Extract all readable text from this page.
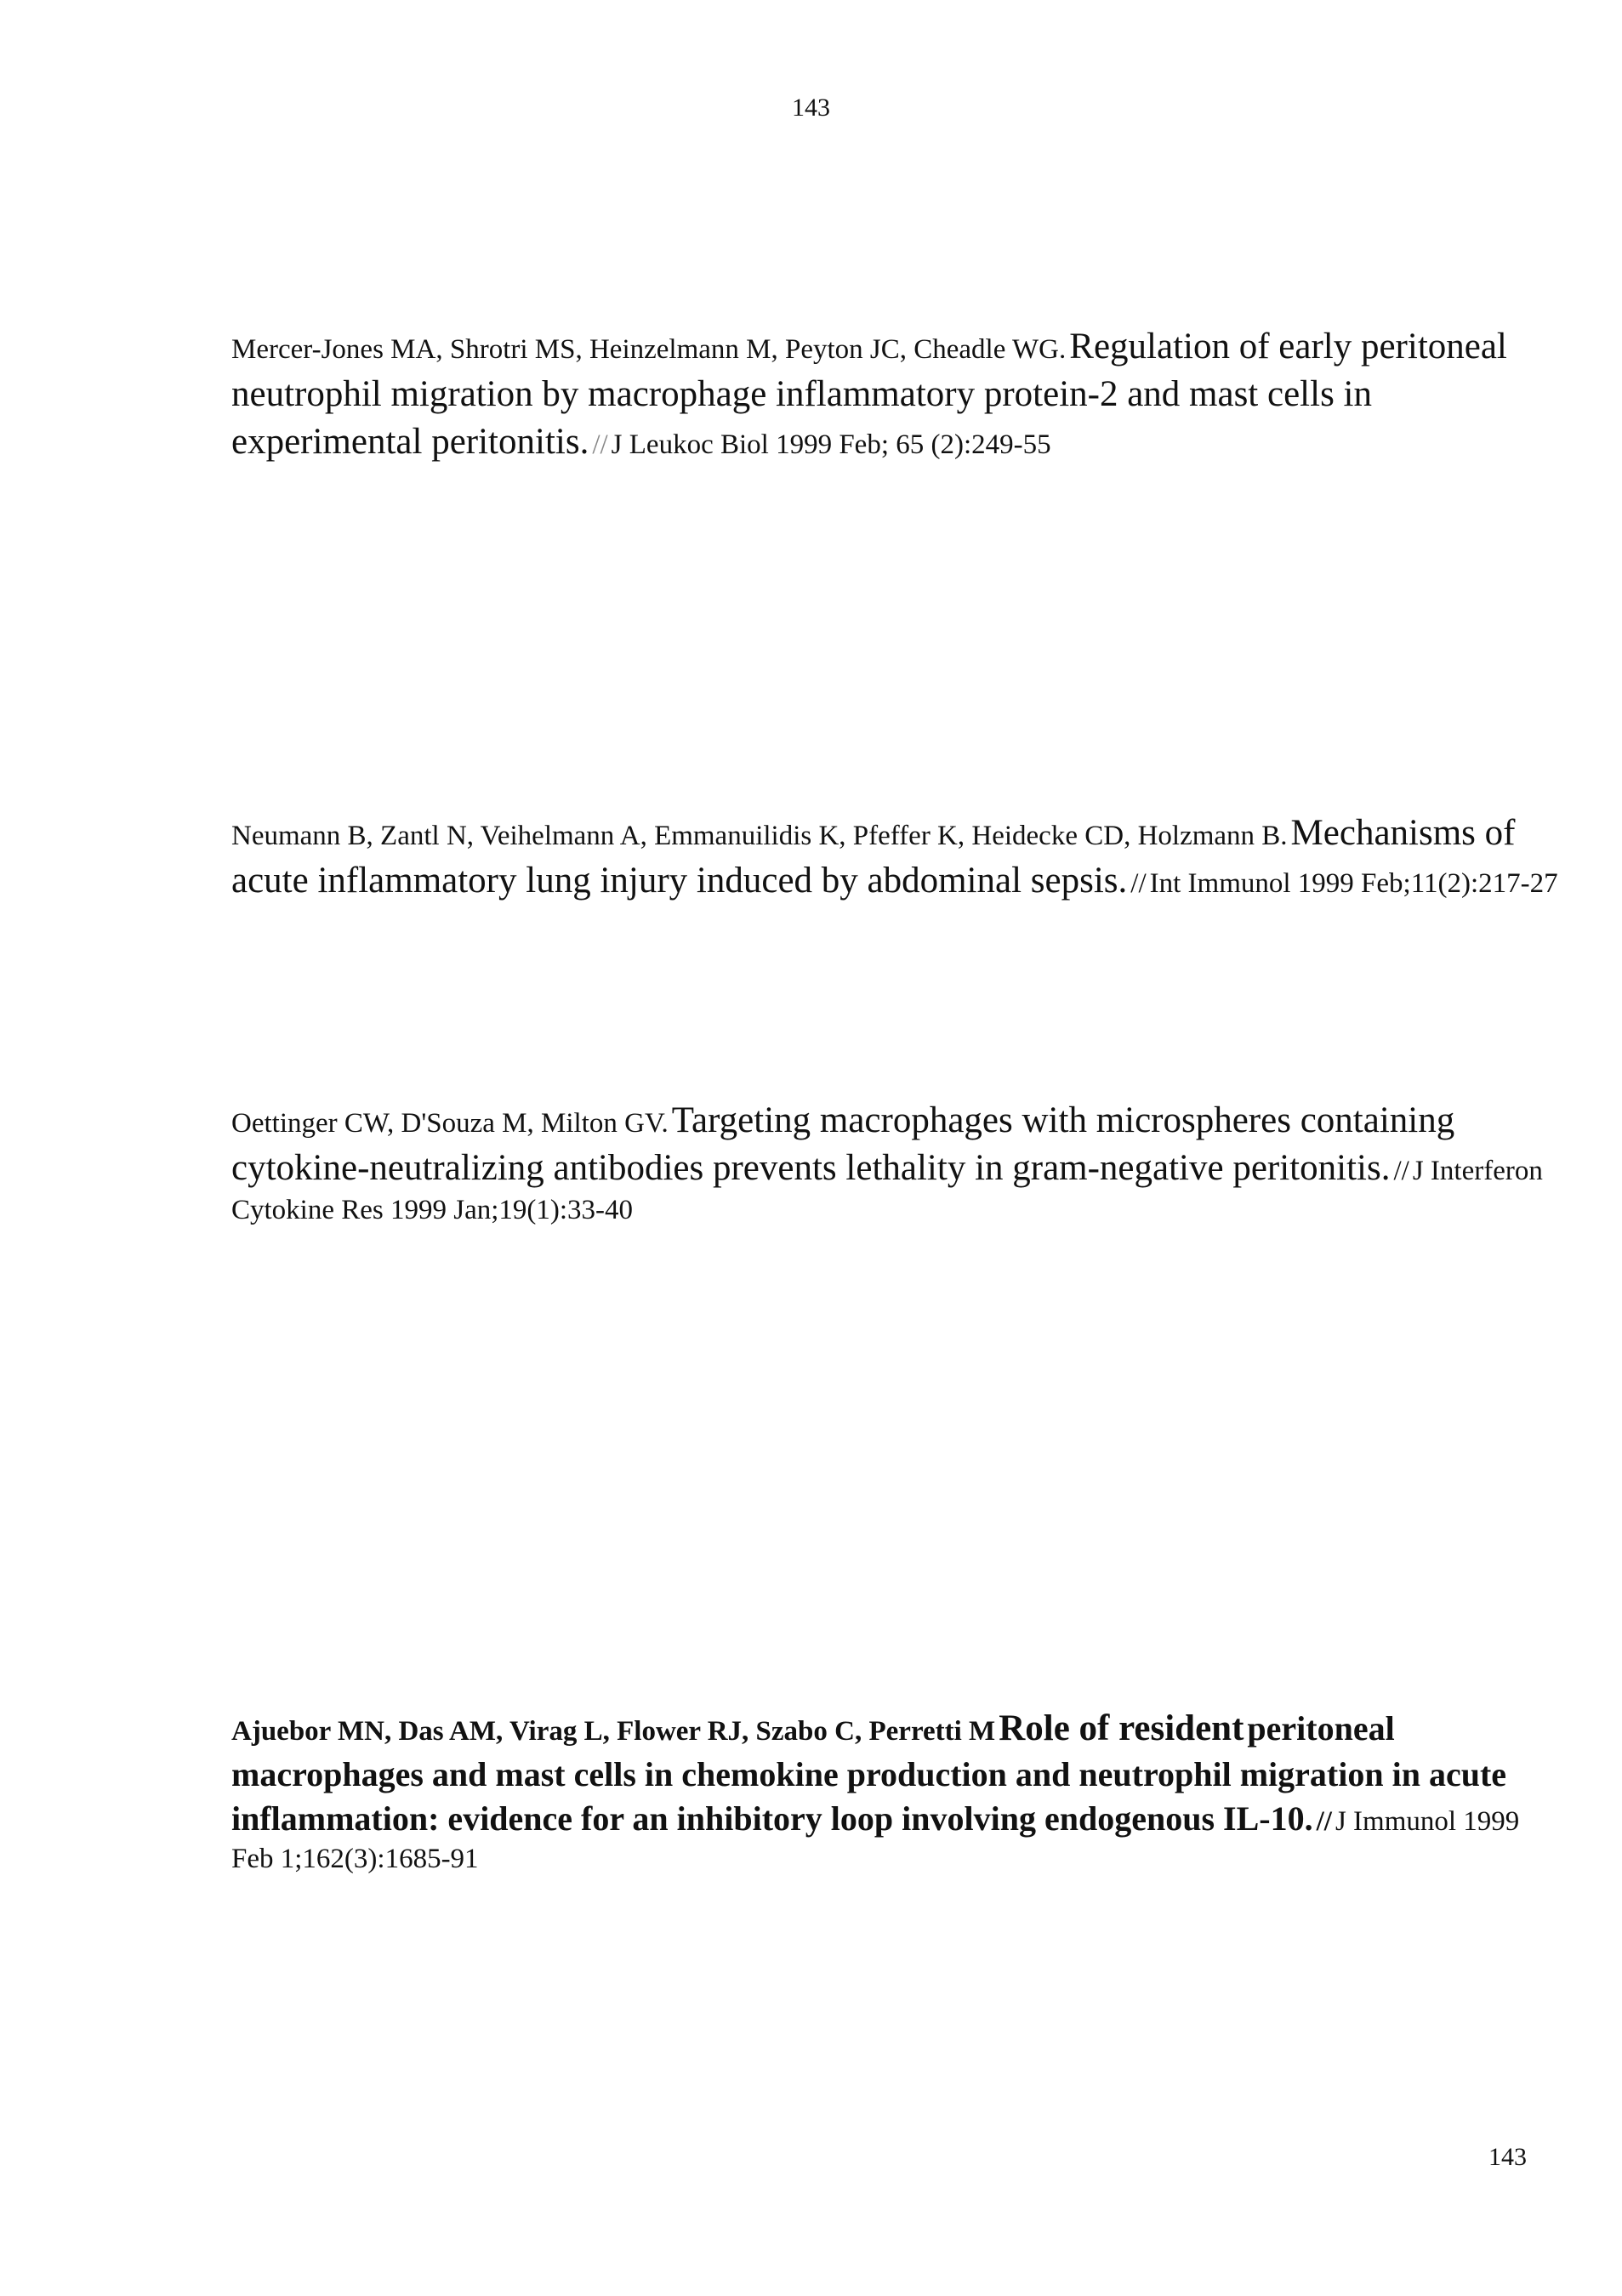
143
Mercer-Jones MA, Shrotri MS, Heinzelmann M, Peyton JC, Cheadle WG. Regulation of early peritoneal neutrophil migration by macrophage inflammatory protein-2 and mast cells in experimental peritonitis. // J Leukoc Biol 1999 Feb; 65 (2):249-55
Neumann B, Zantl N, Veihelmann A, Emmanuilidis K, Pfeffer K, Heidecke CD, Holzmann B. Mechanisms of acute inflammatory lung injury induced by abdominal sepsis. // Int Immunol 1999 Feb;11(2):217-27
Oettinger CW, D'Souza M, Milton GV. Targeting macrophages with microspheres containing cytokine-neutralizing antibodies prevents lethality in gram-negative peritonitis. // J Interferon Cytokine Res 1999 Jan;19(1):33-40
Ajuebor MN, Das AM, Virag L, Flower RJ, Szabo C, Perretti M Role of resident peritoneal macrophages and mast cells in chemokine production and neutrophil migration in acute inflammation: evidence for an inhibitory loop involving endogenous IL-10. // J Immunol 1999 Feb 1;162(3):1685-91
143
